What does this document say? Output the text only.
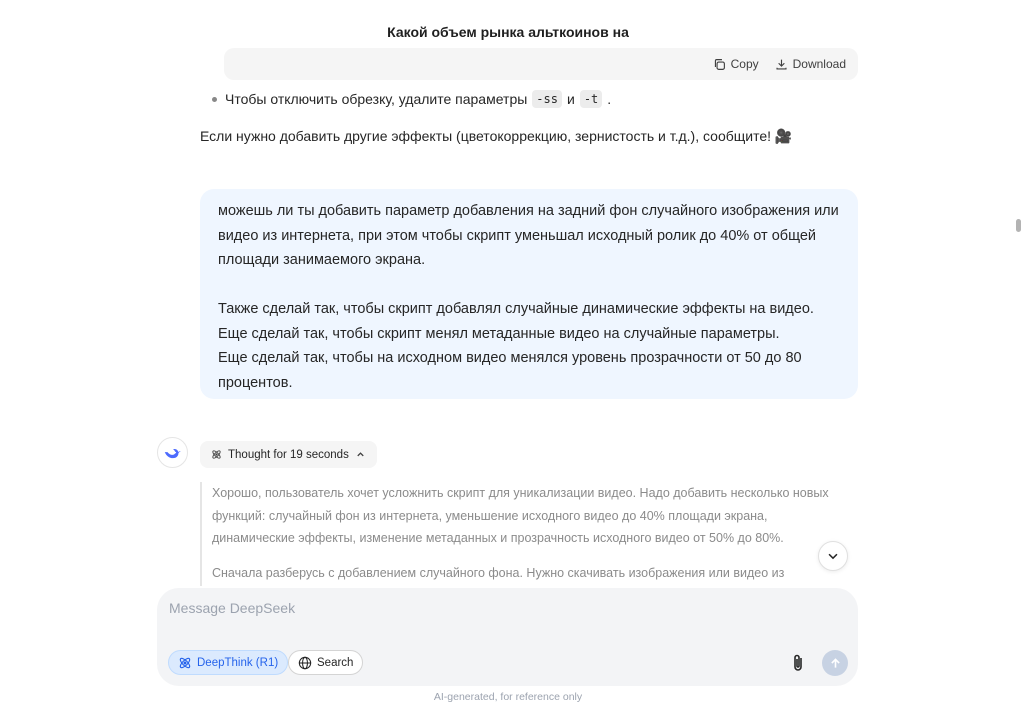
Какой объем рынка альткоинов на
Copy	Download
Чтобы отключить обрезку, удалите параметры -ss и -t .
Если нужно добавить другие эффекты (цветокоррекцию, зернистость и т.д.), сообщите! 🎥

можешь ли ты добавить параметр добавления на задний фон случайного изображения или

видео из интернета, при этом чтобы скрипт уменьшал исходный ролик до 40% от общей

площади занимаемого экрана.

Также сделай так, чтобы скрипт добавлял случайные динамические эффекты на видео.

Еще сделай так, чтобы скрипт менял метаданные видео на случайные параметры.

Еще сделай так, чтобы на исходном видео менялся уровень прозрачности от 50 до 80

процентов.

Thought for 19 seconds

Хорошо, пользователь хочет усложнить скрипт для уникализации видео. Надо добавить несколько новых
функций: случайный фон из интернета, уменьшение исходного видео до 40% площади экрана,
динамические эффекты, изменение метаданных и прозрачность исходного видео от 50% до 80%.

Сначала разберусь с добавлением случайного фона. Нужно скачивать изображения или видео из

Message DeepSeek
DeepThink (R1)	Search
AI-generated, for reference only
